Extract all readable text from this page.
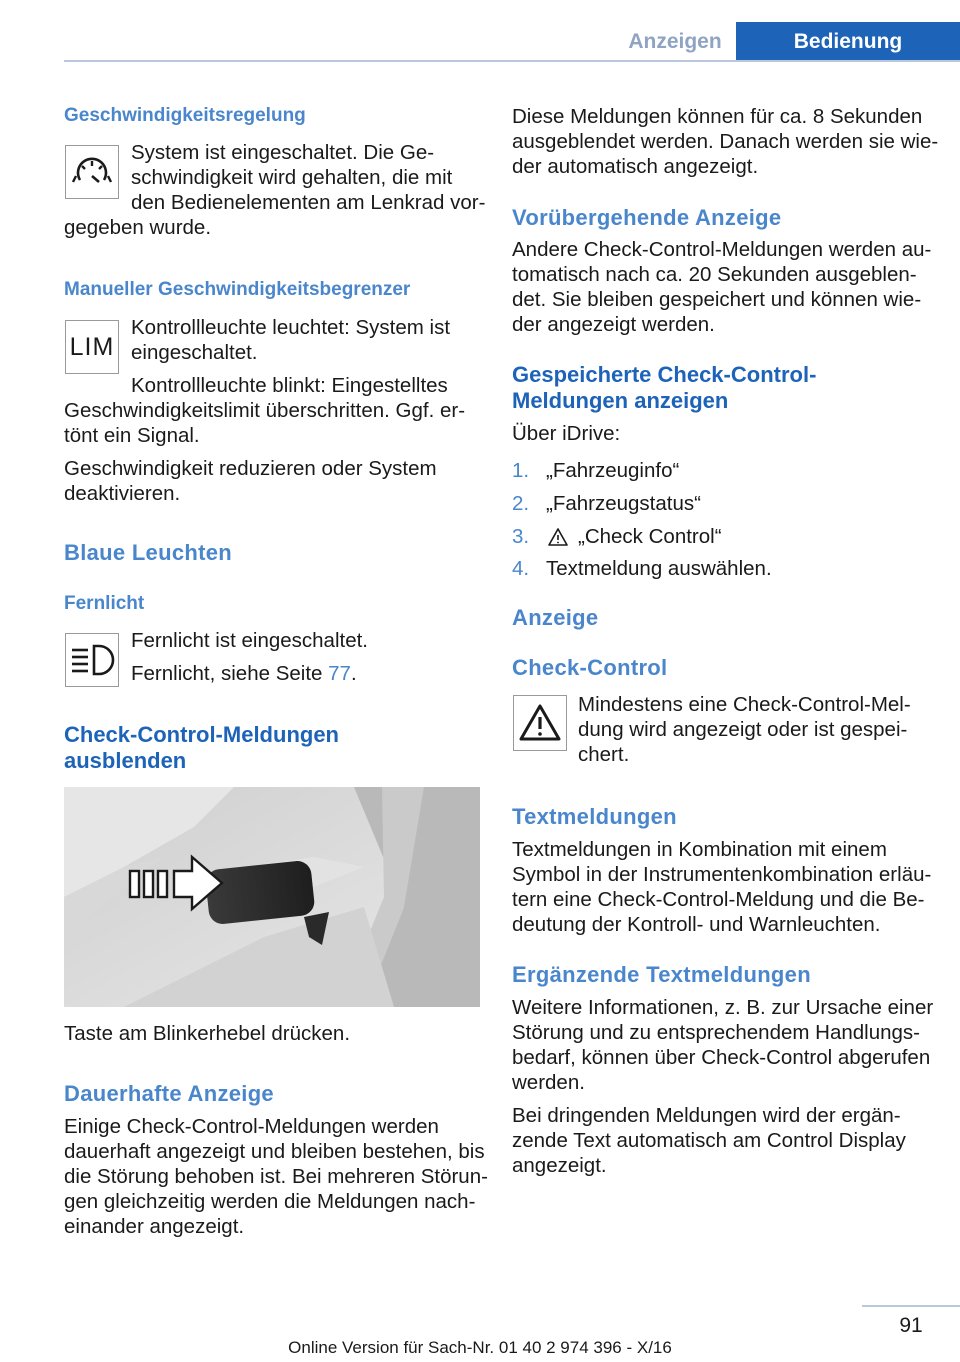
Anzeigen	Bedienung
Geschwindigkeitsregelung
System ist eingeschaltet. Die Ge-
schwindigkeit wird gehalten, die mit
den Bedienelementen am Lenkrad vor-
gegeben wurde.
Manueller Geschwindigkeitsbegrenzer
LIM
Kontrollleuchte leuchtet: System ist
eingeschaltet.
Kontrollleuchte blinkt: Eingestelltes
Geschwindigkeitslimit überschritten. Ggf. er-
tönt ein Signal.
Geschwindigkeit reduzieren oder System
deaktivieren.
Blaue Leuchten
Fernlicht
Fernlicht ist eingeschaltet.
Fernlicht, siehe Seite 77.
Check-Control-Meldungen
ausblenden
Taste am Blinkerhebel drücken.
Dauerhafte Anzeige
Einige Check-Control-Meldungen werden
dauerhaft angezeigt und bleiben bestehen, bis
die Störung behoben ist. Bei mehreren Störun-
gen gleichzeitig werden die Meldungen nach-
einander angezeigt.
Diese Meldungen können für ca. 8 Sekunden
ausgeblendet werden. Danach werden sie wie-
der automatisch angezeigt.
Vorübergehende Anzeige
Andere Check-Control-Meldungen werden au-
tomatisch nach ca. 20 Sekunden ausgeblen-
det. Sie bleiben gespeichert und können wie-
der angezeigt werden.
Gespeicherte Check-Control-
Meldungen anzeigen
Über iDrive:
1. „Fahrzeuginfo“
2. „Fahrzeugstatus“
3. „Check Control“
4. Textmeldung auswählen.
Anzeige
Check-Control
Mindestens eine Check-Control-Mel-
dung wird angezeigt oder ist gespei-
chert.
Textmeldungen
Textmeldungen in Kombination mit einem
Symbol in der Instrumentenkombination erläu-
tern eine Check-Control-Meldung und die Be-
deutung der Kontroll- und Warnleuchten.
Ergänzende Textmeldungen
Weitere Informationen, z. B. zur Ursache einer
Störung und zu entsprechendem Handlungs-
bedarf, können über Check-Control abgerufen
werden.
Bei dringenden Meldungen wird der ergän-
zende Text automatisch am Control Display
angezeigt.
91
Online Version für Sach-Nr. 01 40 2 974 396 - X/16
